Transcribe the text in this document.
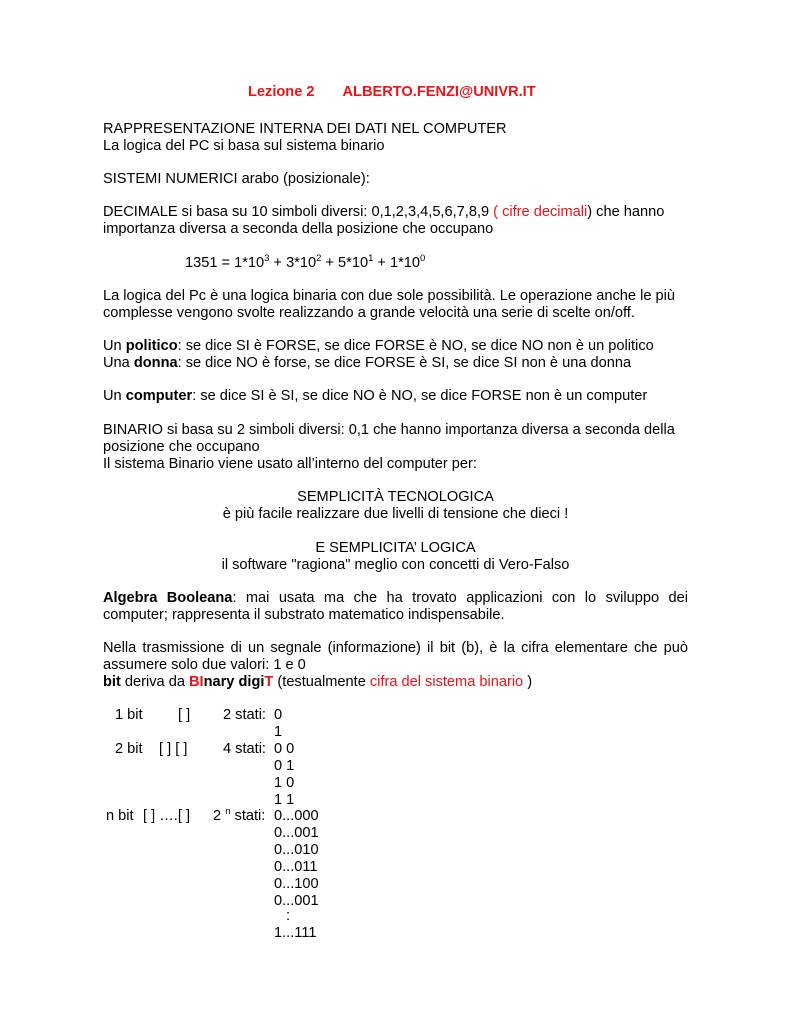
Lezione 2 ALBERTO.FENZI@UNIVR.IT
RAPPRESENTAZIONE INTERNA DEI DATI NEL COMPUTER
La logica del PC si basa sul sistema binario
SISTEMI NUMERICI arabo (posizionale):
DECIMALE si basa su 10 simboli diversi: 0,1,2,3,4,5,6,7,8,9 ( cifre decimali) che hanno
importanza diversa a seconda della posizione che occupano
$1351 = 1*10^3 + 3*10^2 + 5*10^1 + 1*10^0$
La logica del Pc è una logica binaria con due sole possibilità. Le operazione anche le più
complesse vengono svolte realizzando a grande velocità una serie di scelte on/off.
Un politico: se dice SI è FORSE, se dice FORSE è NO, se dice NO non è un politico
Una donna: se dice NO è forse, se dice FORSE è SI, se dice SI non è una donna
Un computer: se dice SI è SI, se dice NO è NO, se dice FORSE non è un computer
BINARIO si basa su 2 simboli diversi: 0,1 che hanno importanza diversa a seconda della
posizione che occupano
Il sistema Binario viene usato all’interno del computer per:
SEMPLICITÀ TECNOLOGICA
è più facile realizzare due livelli di tensione che dieci !
E SEMPLICITA’ LOGICA
il software "ragiona" meglio con concetti di Vero-Falso
Algebra Booleana: mai usata ma che ha trovato applicazioni con lo sviluppo dei
computer; rappresenta il substrato matematico indispensabile.
Nella trasmissione di un segnale (informazione) il bit (b), è la cifra elementare che può
assumere solo due valori: 1 e 0
bit deriva da BInary digiT (testualmente cifra del sistema binario )
1 bit [ ] 2 stati: 0
1
2 bit [ ] [ ] 4 stati: 0 0
0 1
1 0
1 1
n bit [ ] ….[ ] 2 $^n$ stati: 0...000
0...001
0...010
0...011
0...100
0...001
:
1...111
